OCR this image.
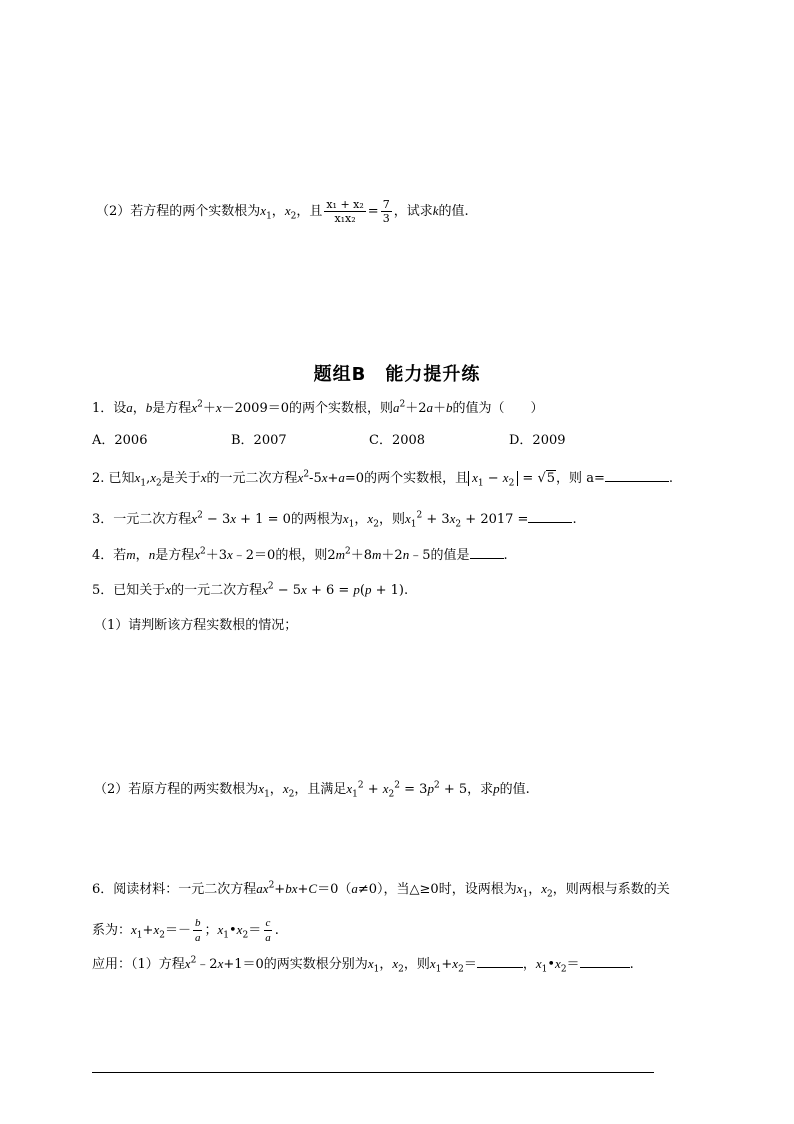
（2）若方程的两个实数根为$x_1$，$x_2$，且 $\frac{\text{x₁ + x₂}}{\text{x₁x₂}} = \frac{7}{3}$ ，试求k的值.
题组B　能力提升练
1．设a，b是方程$x^2+x-2009=0$的两个实数根，则$a^2+2a+b$的值为（　　）
A．2006	B．2007	C．2008	D．2009
2. 已知$x_1,x_2$是关于x的一元二次方程$x^2-5x+a=0$的两个实数根，且 $x_1 - x_2 = √5$，则 a=	.
3．一元二次方程$x^2 - 3x + 1 = 0$的两根为$x_1$，$x_2$，则$x_1^2 + 3x_2 + 2017$ =	.
4．若m，n是方程$x^2+3x﹣2=0$的根，则$2m^2+8m+2n﹣5$的值是	.
5．已知关于x的一元二次方程$x^2 - 5x + 6 = p(p + 1)$.
（1）请判断该方程实数根的情况；
（2）若原方程的两实数根为$x_1$，$x_2$，且满足$x_1^2 + x_2^2 = 3p^2 + 5$，求p的值.
6．阅读材料：一元二次方程$ax^2+bx+C=0(a\ne 0)$，当△≥0时，设两根为$x_1$，$x_2$，则两根与系数的关
系为：$x_1+x_2=- \frac{b}{a}$ ；$x_1•x_2= \frac{c}{a}$ .
应用：（1）方程$x^2﹣2x+1=0$的两实数根分别为$x_1$，$x_2$，则$x_1+x_2=$	，$x_1•x_2=$	.
